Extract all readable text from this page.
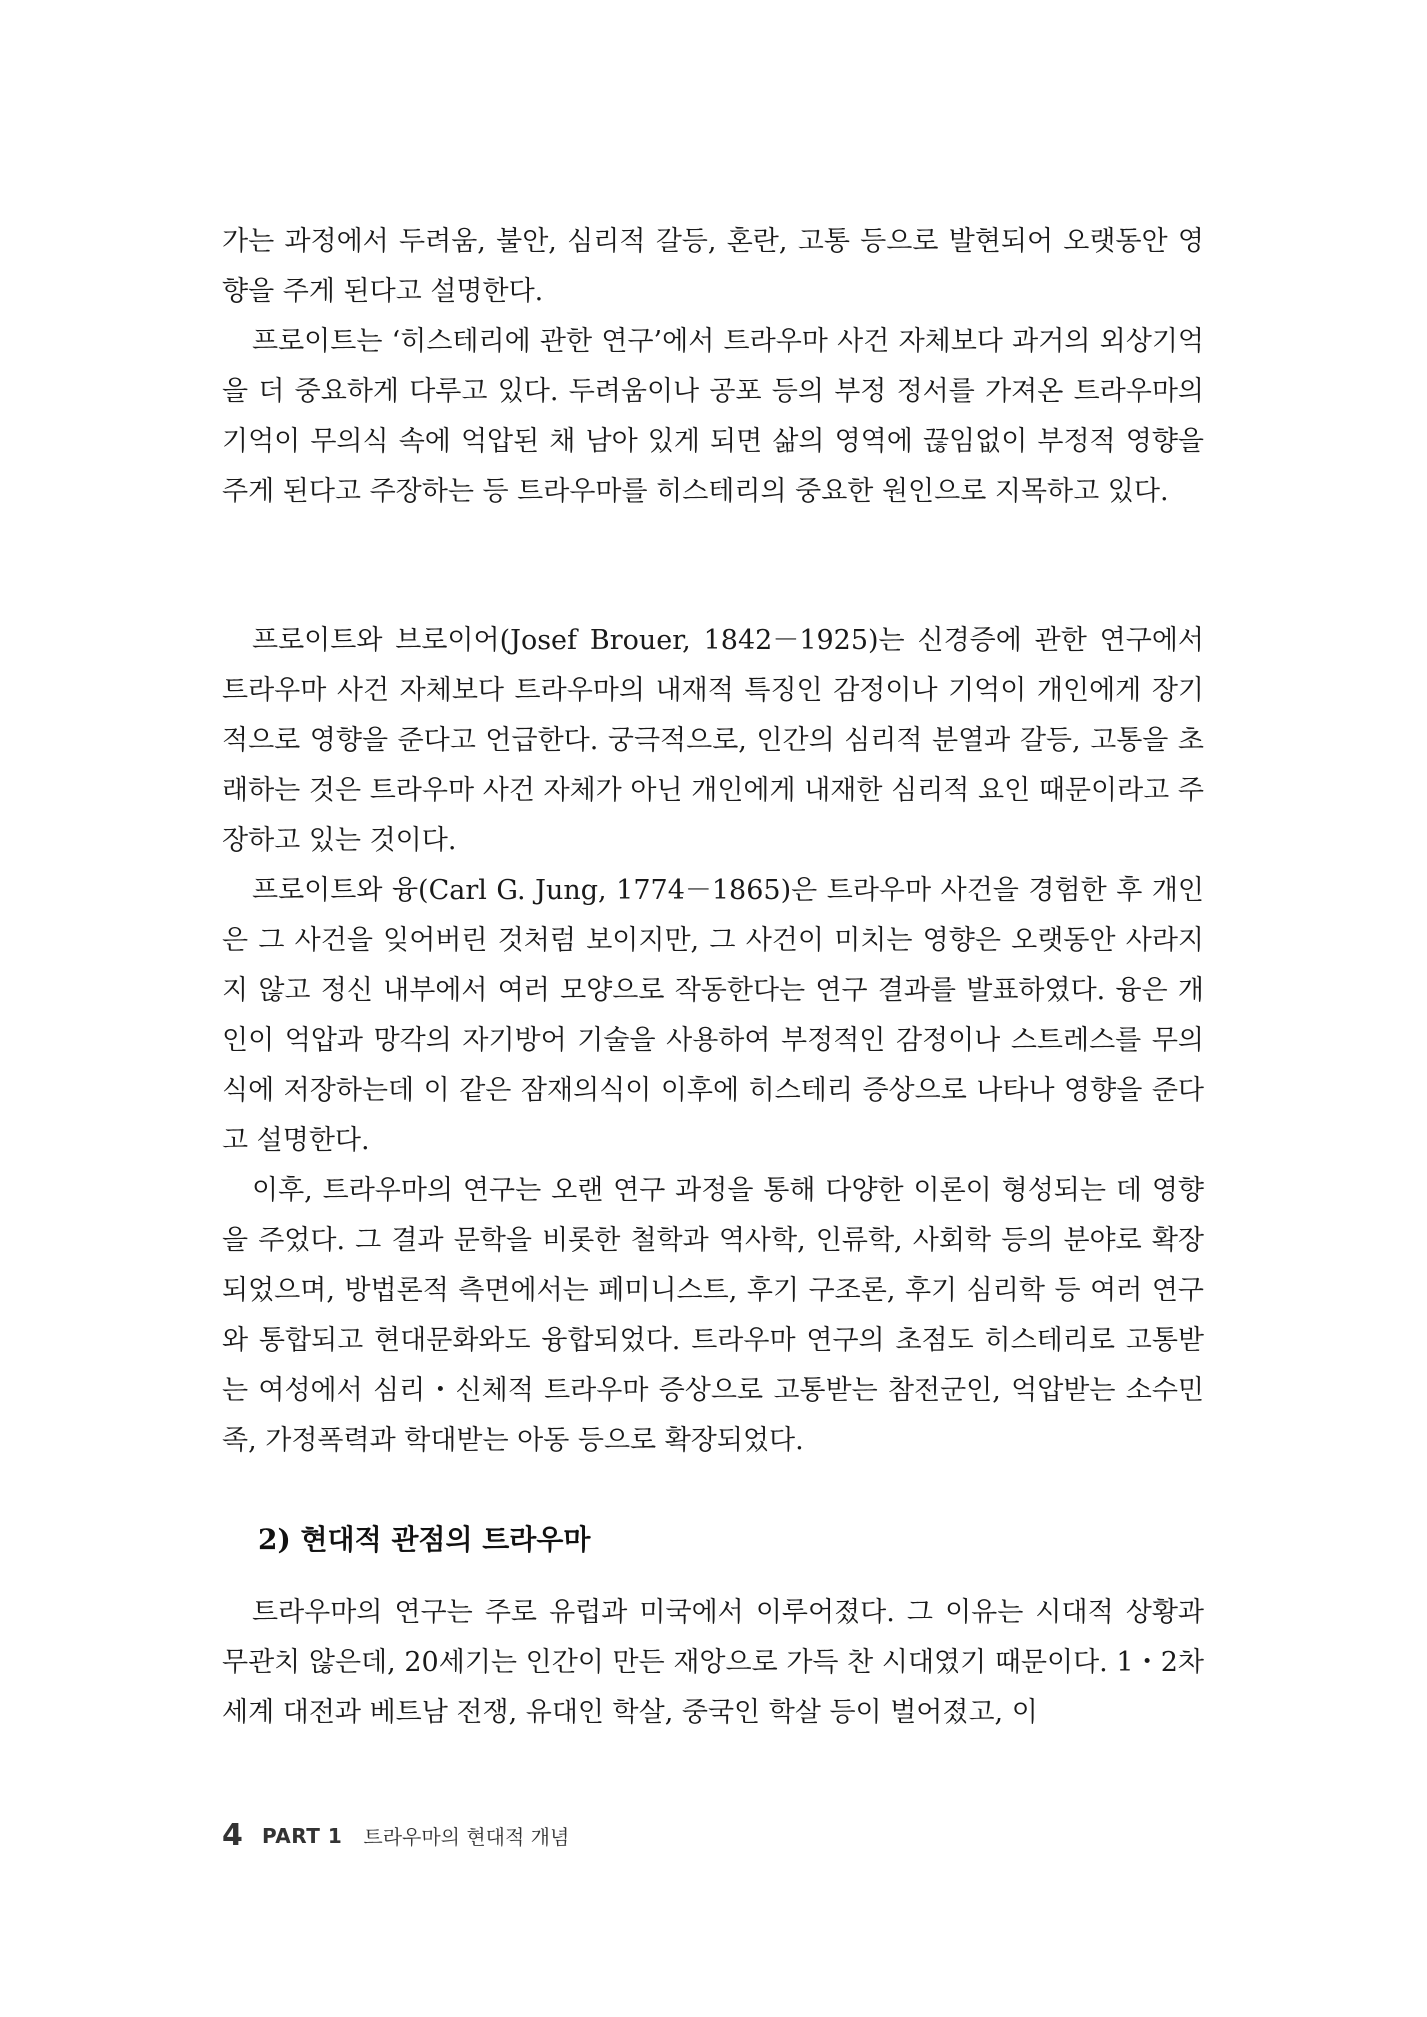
가는 과정에서 두려움, 불안, 심리적 갈등, 혼란, 고통 등으로 발현되어 오랫동안 영향을 주게 된다고 설명한다.

프로이트는 ‘히스테리에 관한 연구’에서 트라우마 사건 자체보다 과거의 외상기억을 더 중요하게 다루고 있다. 두려움이나 공포 등의 부정 정서를 가져온 트라우마의 기억이 무의식 속에 억압된 채 남아 있게 되면 삶의 영역에 끊임없이 부정적 영향을 주게 된다고 주장하는 등 트라우마를 히스테리의 중요한 원인으로 지목하고 있다.

프로이트와 브로이어(Josef Brouer, 1842－1925)는 신경증에 관한 연구에서 트라우마 사건 자체보다 트라우마의 내재적 특징인 감정이나 기억이 개인에게 장기적으로 영향을 준다고 언급한다. 궁극적으로, 인간의 심리적 분열과 갈등, 고통을 초래하는 것은 트라우마 사건 자체가 아닌 개인에게 내재한 심리적 요인 때문이라고 주장하고 있는 것이다.

프로이트와 융(Carl G. Jung, 1774－1865)은 트라우마 사건을 경험한 후 개인은 그 사건을 잊어버린 것처럼 보이지만, 그 사건이 미치는 영향은 오랫동안 사라지지 않고 정신 내부에서 여러 모양으로 작동한다는 연구 결과를 발표하였다. 융은 개인이 억압과 망각의 자기방어 기술을 사용하여 부정적인 감정이나 스트레스를 무의식에 저장하는데 이 같은 잠재의식이 이후에 히스테리 증상으로 나타나 영향을 준다고 설명한다.

이후, 트라우마의 연구는 오랜 연구 과정을 통해 다양한 이론이 형성되는 데 영향을 주었다. 그 결과 문학을 비롯한 철학과 역사학, 인류학, 사회학 등의 분야로 확장되었으며, 방법론적 측면에서는 페미니스트, 후기 구조론, 후기 심리학 등 여러 연구와 통합되고 현대문화와도 융합되었다. 트라우마 연구의 초점도 히스테리로 고통받는 여성에서 심리・신체적 트라우마 증상으로 고통받는 참전군인, 억압받는 소수민족, 가정폭력과 학대받는 아동 등으로 확장되었다.

2) 현대적 관점의 트라우마

트라우마의 연구는 주로 유럽과 미국에서 이루어졌다. 그 이유는 시대적 상황과 무관치 않은데, 20세기는 인간이 만든 재앙으로 가득 찬 시대였기 때문이다. 1・2차 세계 대전과 베트남 전쟁, 유대인 학살, 중국인 학살 등이 벌어졌고, 이

4 PART 1 트라우마의 현대적 개념
